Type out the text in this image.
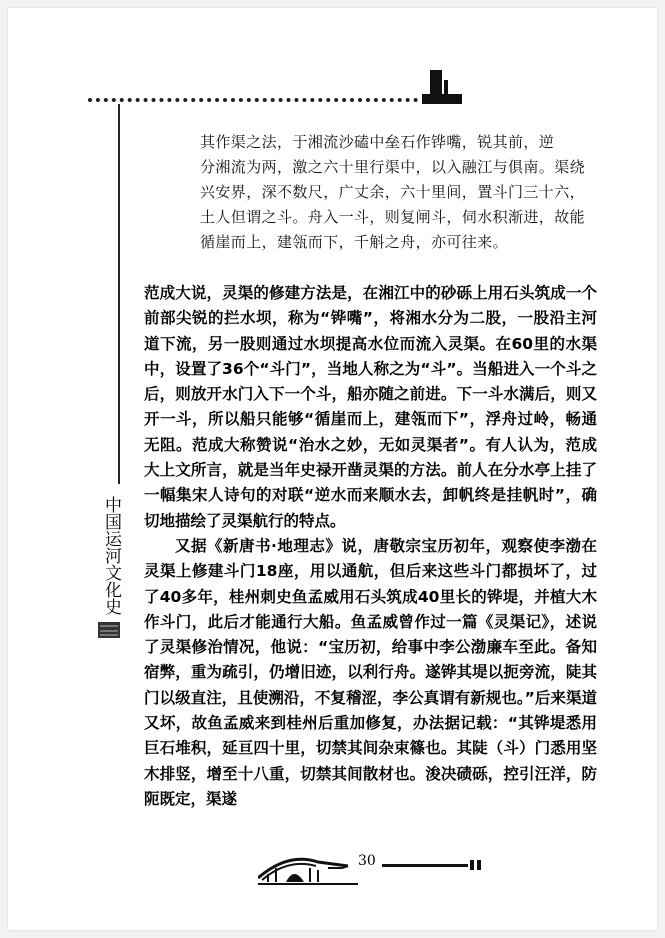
其作渠之法，于湘流沙磕中垒石作铧嘴，锐其前，逆

分湘流为两，激之六十里行渠中，以入融江与俱南。渠绕

兴安界，深不数尺，广丈余，六十里间，置斗门三十六，

土人但谓之斗。舟入一斗，则复闸斗，伺水积渐进，故能

循崖而上，建瓴而下，千斛之舟，亦可往来。

范成大说，灵渠的修建方法是，在湘江中的砂砾上用石头筑成一个前部尖锐的拦水坝，称为“铧嘴”，将湘水分为二股，一股沿主河道下流，另一股则通过水坝提高水位而流入灵渠。在60里的水渠中，设置了36个“斗门”，当地人称之为“斗”。当船进入一个斗之后，则放开水门入下一个斗，船亦随之前进。下一斗水满后，则又开一斗，所以船只能够“循崖而上，建瓴而下”，浮舟过岭，畅通无阻。范成大称赞说“治水之妙，无如灵渠者”。有人认为，范成大上文所言，就是当年史禄开凿灵渠的方法。前人在分水亭上挂了一幅集宋人诗句的对联“逆水而来顺水去，卸帆终是挂帆时”，确切地描绘了灵渠航行的特点。

又据《新唐书·地理志》说，唐敬宗宝历初年，观察使李渤在灵渠上修建斗门18座，用以通航，但后来这些斗门都损坏了，过了40多年，桂州刺史鱼孟威用石头筑成40里长的铧堤，并植大木作斗门，此后才能通行大船。鱼孟威曾作过一篇《灵渠记》，述说了灵渠修治情况，他说：“宝历初，给事中李公渤廉车至此。备知宿弊，重为疏引，仍增旧迹，以利行舟。遂铧其堤以扼旁流，陡其门以级直注，且使溯沿，不复稽涩，李公真谓有新规也。”后来渠道又坏，故鱼孟威来到桂州后重加修复，办法据记载：“其铧堤悉用巨石堆积，延亘四十里，切禁其间杂束篠也。其陡（斗）门悉用坚木排竖，增至十八重，切禁其间散材也。浚决碛砾，控引汪洋，防阨既定，渠遂

中国运河文化史
30
